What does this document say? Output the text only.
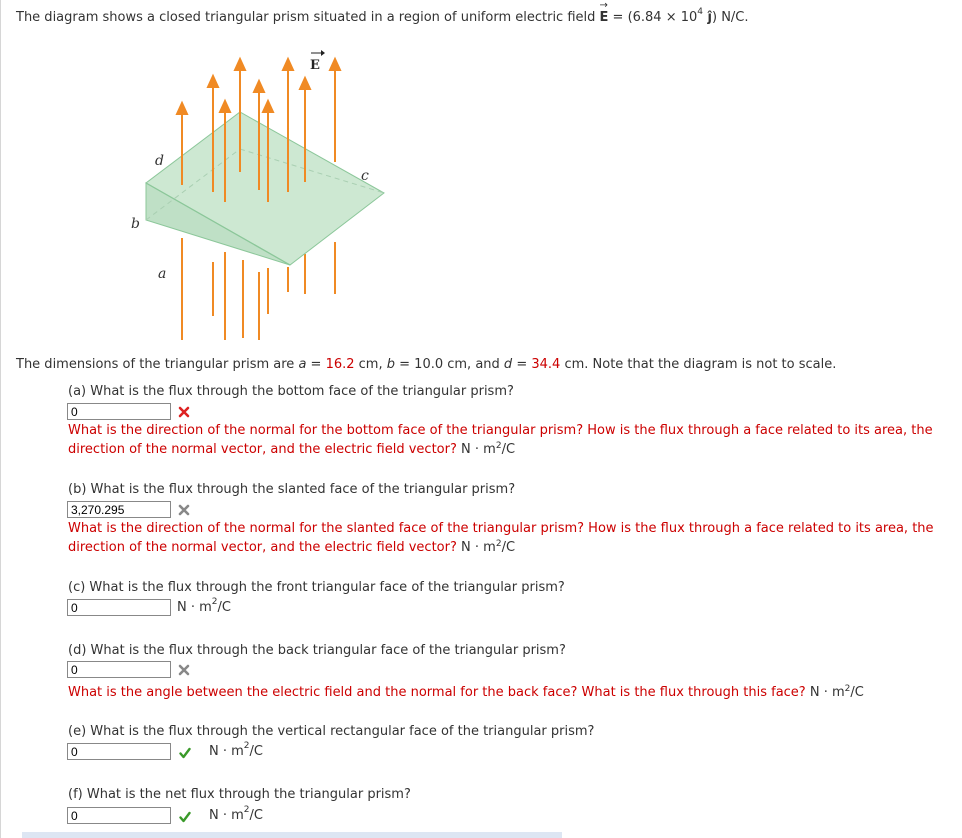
The diagram shows a closed triangular prism situated in a region of uniform electric field
→
$E = (6.84 \times 10^4$ ĵ) N/C.
d
c
b
a
E
The dimensions of the triangular prism are a = 16.2 cm, b = 10.0 cm, and d = 34.4 cm. Note that the diagram is not to scale.
(a) What is the flux through the bottom face of the triangular prism?
0
What is the direction of the normal for the bottom face of the triangular prism? How is the flux through a face related to its area, the direction of the normal vector, and the electric field vector? $N \cdot m^2/C$
(b) What is the flux through the slanted face of the triangular prism?
3,270.295
What is the direction of the normal for the slanted face of the triangular prism? How is the flux through a face related to its area, the direction of the normal vector, and the electric field vector? $N \cdot m^2/C$
(c) What is the flux through the front triangular face of the triangular prism?
0	$N \cdot m^2/C$
(d) What is the flux through the back triangular face of the triangular prism?
0
What is the angle between the electric field and the normal for the back face? What is the flux through this face? $N \cdot m^2/C$
(e) What is the flux through the vertical rectangular face of the triangular prism?
0	$N \cdot m^2/C$
(f) What is the net flux through the triangular prism?
0	$N \cdot m^2/C$
